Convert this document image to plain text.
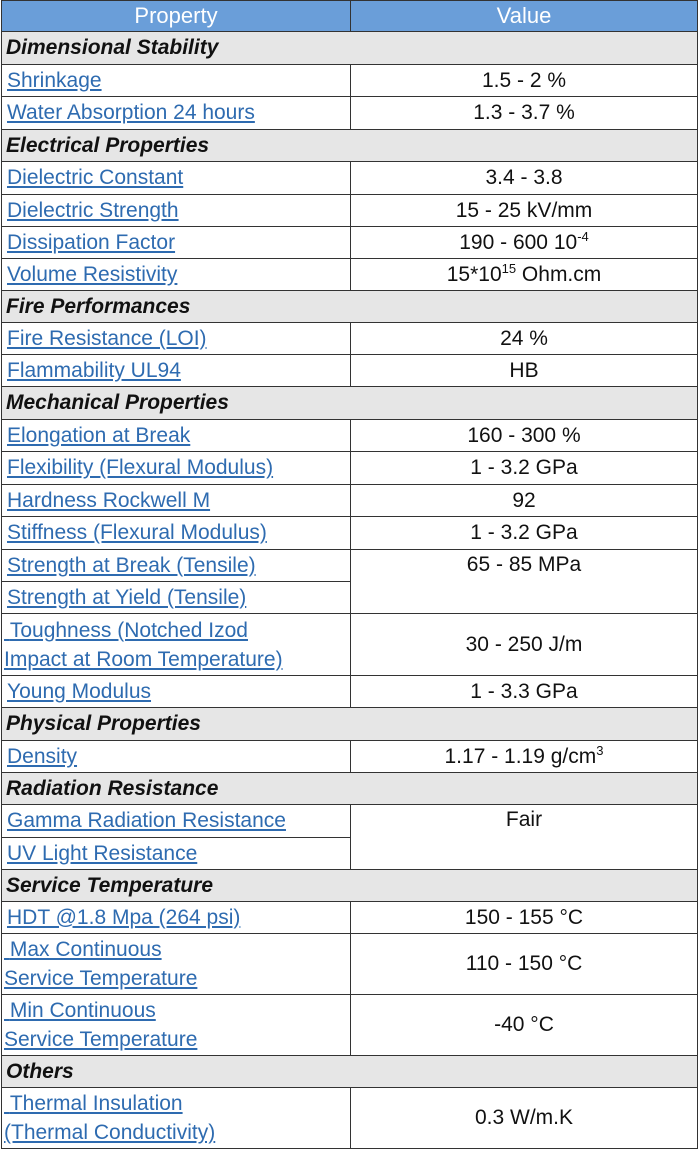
Property	Value
Dimensional Stability	
Shrinkage	1.5 - 2 %
Water Absorption 24 hours	1.3 - 3.7 %
Electrical Properties	
Dielectric Constant	3.4 - 3.8
Dielectric Strength	15 - 25 kV/mm
Dissipation Factor	190 - 600 $10^{-4}$
Volume Resistivity	$15*10^{15}$ Ohm.cm
Fire Performances	
Fire Resistance (LOI)	24 %
Flammability UL94	HB
Mechanical Properties	
Elongation at Break	160 - 300 %
Flexibility (Flexural Modulus)	1 - 3.2 GPa
Hardness Rockwell M	92
Stiffness (Flexural Modulus)	1 - 3.2 GPa
Strength at Break (Tensile)	65 - 85 MPa
Strength at Yield (Tensile)	
Toughness (Notched Izod
Impact at Room Temperature)	30 - 250 J/m
Young Modulus	1 - 3.3 GPa
Physical Properties	
Density	1.17 - 1.19 $g/cm^3$
Radiation Resistance	
Gamma Radiation Resistance	Fair
UV Light Resistance	
Service Temperature	
HDT @1.8 Mpa (264 psi)	150 - 155 °C
Max Continuous
Service Temperature	110 - 150 °C
Min Continuous
Service Temperature	-40 °C
Others	
Thermal Insulation
(Thermal Conductivity)	0.3 W/m.K
